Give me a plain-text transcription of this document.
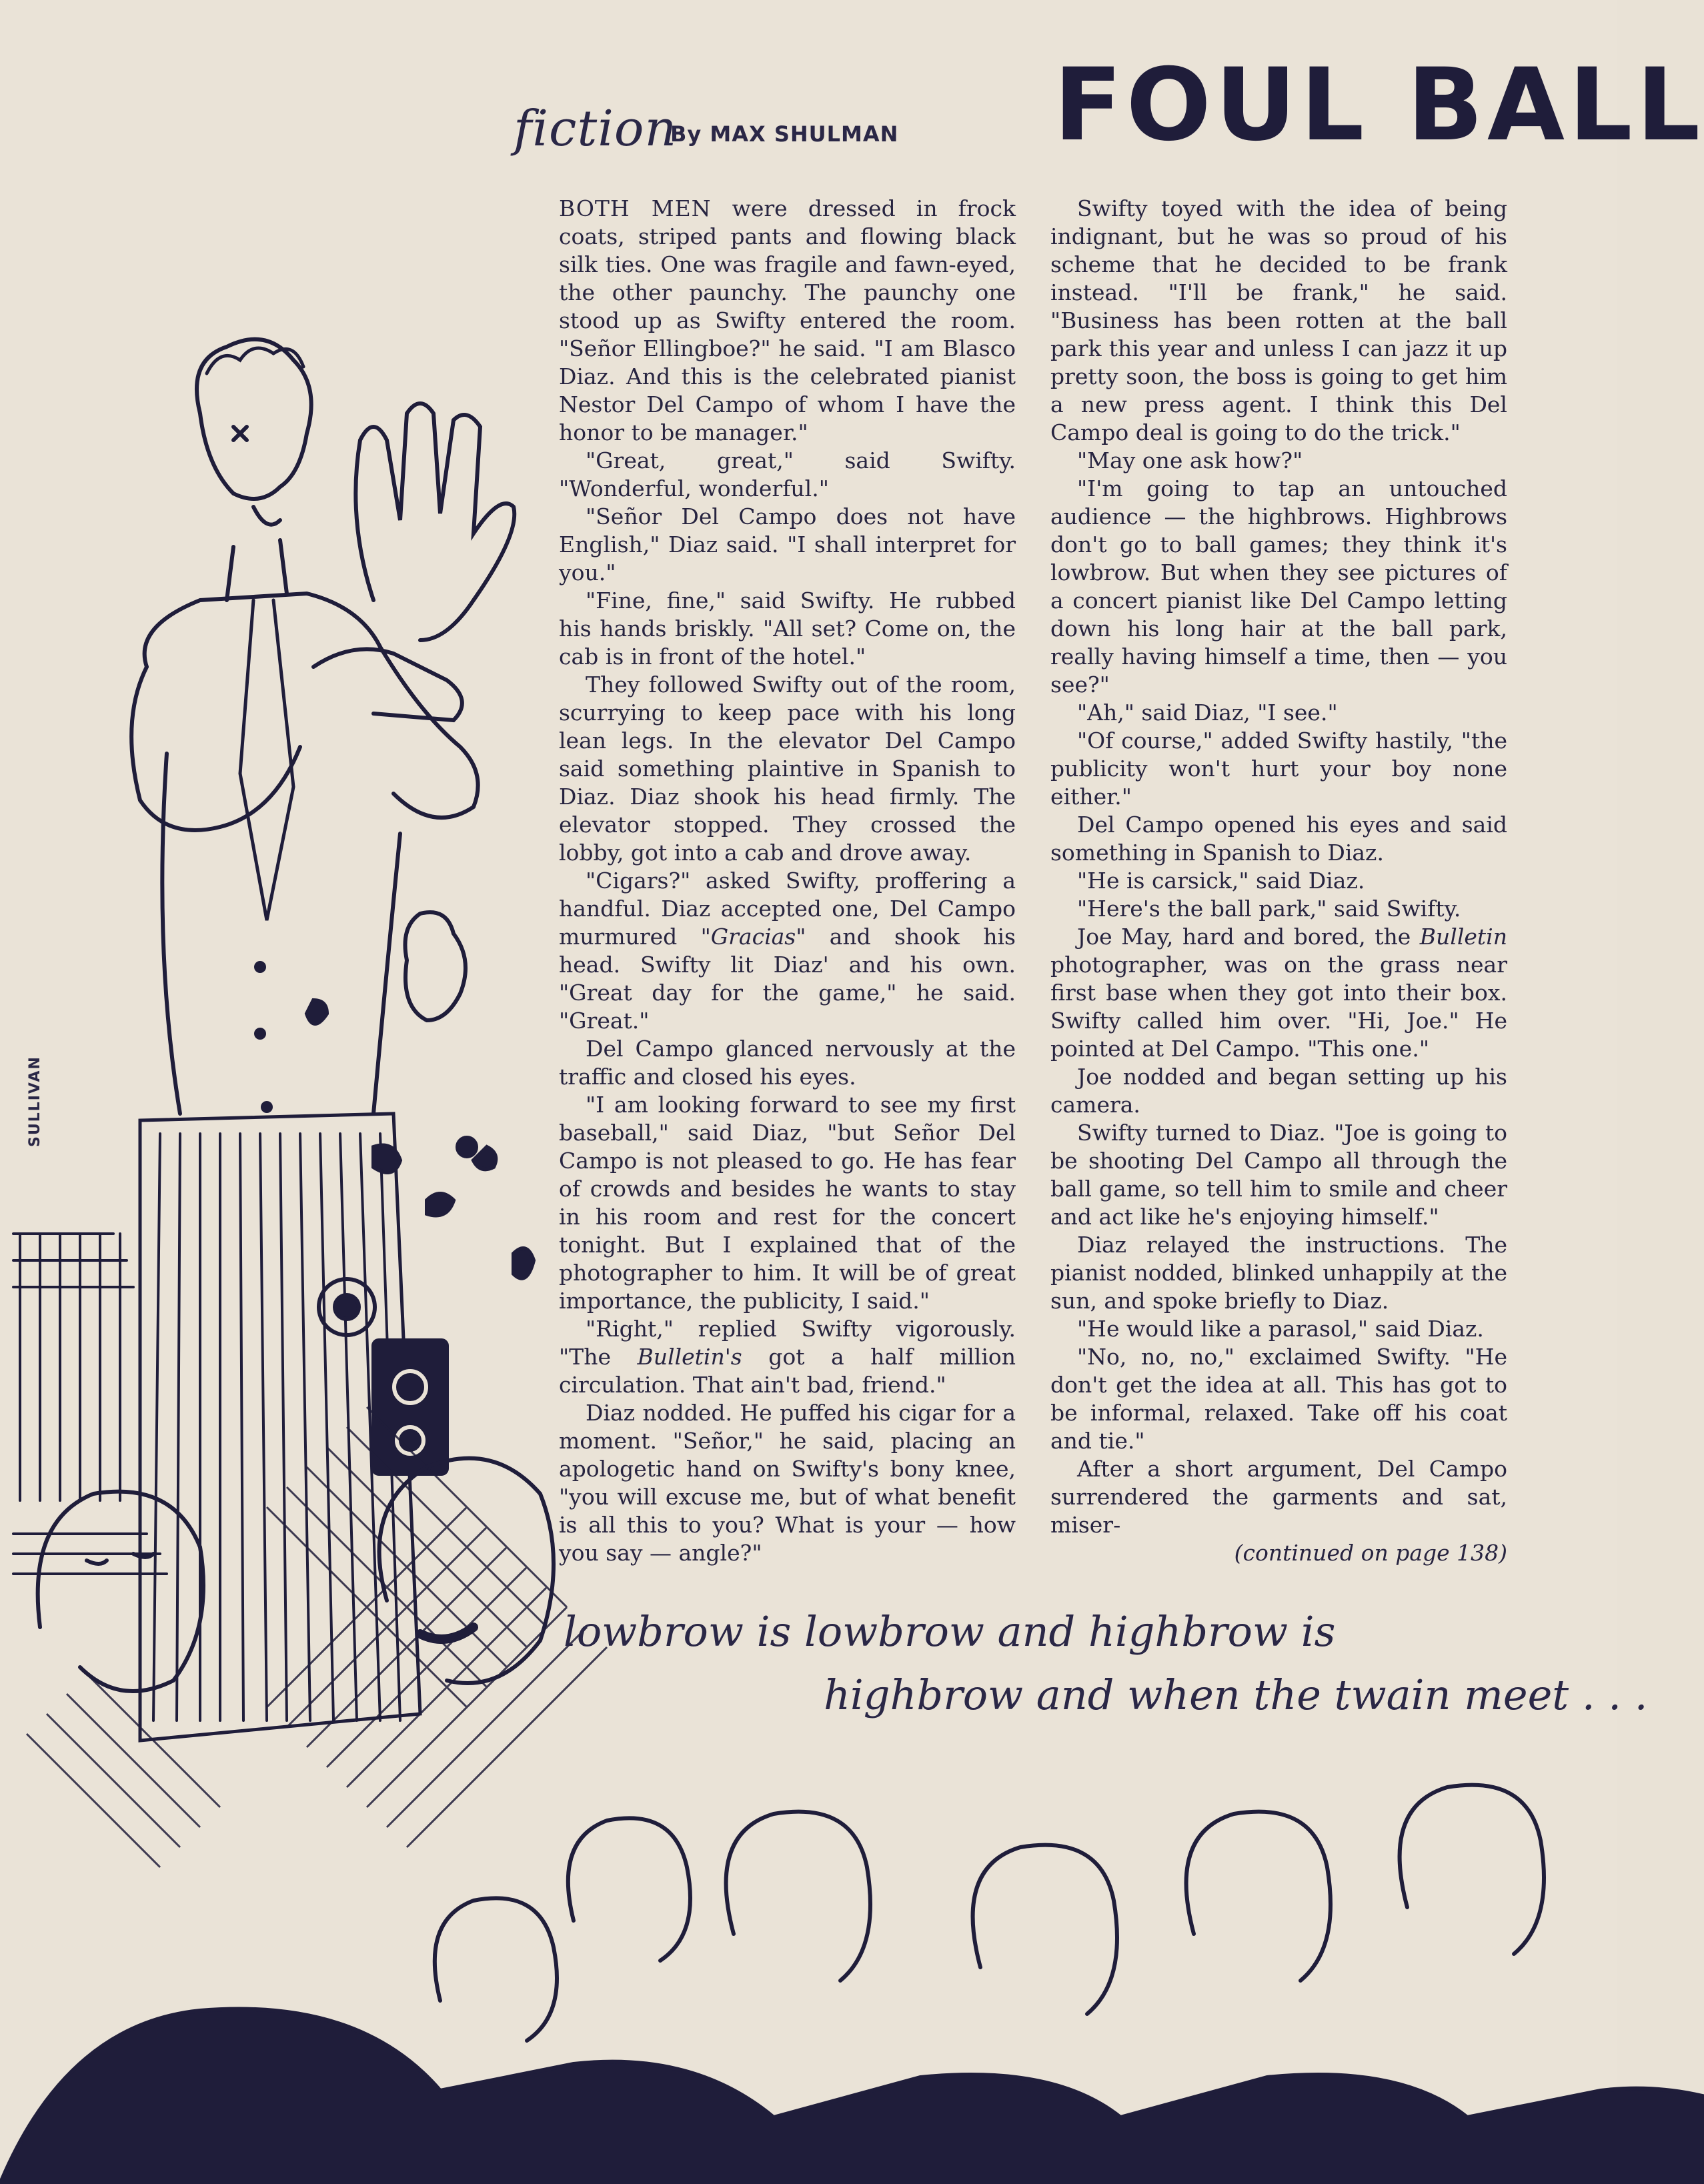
fiction
By MAX SHULMAN FOUL BALL
SULLIVAN

BOTH MEN were dressed in frock coats, striped pants and flowing black silk ties. One was fragile and fawn-eyed, the other paunchy. The paunchy one stood up as Swifty entered the room. "Señor Ellingboe?" he said. "I am Blasco Diaz. And this is the celebrated pianist Nestor Del Campo of whom I have the honor to be manager."

"Great, great," said Swifty. "Wonderful, wonderful."

"Señor Del Campo does not have English," Diaz said. "I shall interpret for you."

"Fine, fine," said Swifty. He rubbed his hands briskly. "All set? Come on, the cab is in front of the hotel."

They followed Swifty out of the room, scurrying to keep pace with his long lean legs. In the elevator Del Campo said something plaintive in Spanish to Diaz. Diaz shook his head firmly. The elevator stopped. They crossed the lobby, got into a cab and drove away.

"Cigars?" asked Swifty, proffering a handful. Diaz accepted one, Del Campo murmured "Gracias" and shook his head. Swifty lit Diaz' and his own. "Great day for the game," he said. "Great."

Del Campo glanced nervously at the traffic and closed his eyes.

"I am looking forward to see my first baseball," said Diaz, "but Señor Del Campo is not pleased to go. He has fear of crowds and besides he wants to stay in his room and rest for the concert tonight. But I explained that of the photographer to him. It will be of great importance, the publicity, I said."

"Right," replied Swifty vigorously. "The Bulletin's got a half million circulation. That ain't bad, friend."

Diaz nodded. He puffed his cigar for a moment. "Señor," he said, placing an apologetic hand on Swifty's bony knee, "you will excuse me, but of what benefit is all this to you? What is your — how you say — angle?"

Swifty toyed with the idea of being indignant, but he was so proud of his scheme that he decided to be frank instead. "I'll be frank," he said. "Business has been rotten at the ball park this year and unless I can jazz it up pretty soon, the boss is going to get him a new press agent. I think this Del Campo deal is going to do the trick."

"May one ask how?"

"I'm going to tap an untouched audience — the highbrows. Highbrows don't go to ball games; they think it's lowbrow. But when they see pictures of a concert pianist like Del Campo letting down his long hair at the ball park, really having himself a time, then — you see?"

"Ah," said Diaz, "I see."

"Of course," added Swifty hastily, "the publicity won't hurt your boy none either."

Del Campo opened his eyes and said something in Spanish to Diaz.

"He is carsick," said Diaz.

"Here's the ball park," said Swifty.

Joe May, hard and bored, the Bulletin photographer, was on the grass near first base when they got into their box. Swifty called him over. "Hi, Joe." He pointed at Del Campo. "This one."

Joe nodded and began setting up his camera.

Swifty turned to Diaz. "Joe is going to be shooting Del Campo all through the ball game, so tell him to smile and cheer and act like he's enjoying himself."

Diaz relayed the instructions. The pianist nodded, blinked unhappily at the sun, and spoke briefly to Diaz.

"He would like a parasol," said Diaz.

"No, no, no," exclaimed Swifty. "He don't get the idea at all. This has got to be informal, relaxed. Take off his coat and tie."

After a short argument, Del Campo surrendered the garments and sat, miser-

(continued on page 138)

lowbrow is lowbrow and highbrow is
highbrow and when the twain meet . . .
